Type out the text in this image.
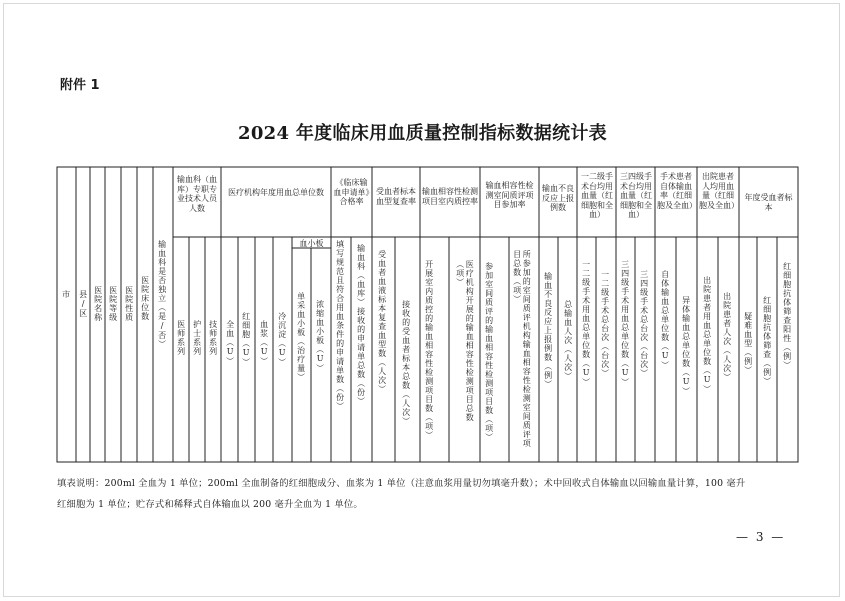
附件 1
2024 年度临床用血质量控制指标数据统计表
市 县/区 医院名称 医院等级 医院性质 医院床位数 输血科是否独立（是/否）
输血科（血库）专职专业技术人员人数
医疗机构年度用血总单位数
《临床输血申请单》合格率
受血者标本血型复查率
输血相容性检测项目室内质控率
输血相容性检测室间质评项目参加率
输血不良反应上报例数
一二级手术台均用血量（红细胞和全血）
三四级手术台均用血量（红细胞和全血）
手术患者自体输血率（红细胞及全血）
出院患者人均用血量（红细胞及全血）
年度受血者标本
血小板
医师系列 护士系列 技师系列 全血（U） 红细胞（U） 血浆（U） 冷沉淀（U） 单采血小板（治疗量） 浓缩血小板（U） 填写规范且符合用血条件的申请单数（份） 输血科（血库）接收的申请单总数（份） 受血者血液标本复查血型数（人次） 接收的受血者标本总数（人次） 开展室内质控的输血相容性检测项目数（项）	医疗机构开展的输血相容性检测项目总数（项）	参加室间质评的输血相容性检测项目数（项）	所参加的室间质评机构输血相容性检测室间质评项目总数（项）	输血不良反应上报例数（例） 总输血人次（人次） 一二级手术用血总单位数（U） 一二级手术总台次（台次） 三四级手术用血总单位数（U） 三四级手术总台次（台次） 自体输血总单位数（U） 异体输血总单位数（U） 出院患者用血总单位数（U） 出院患者人次（人次） 疑难血型（例） 红细胞抗体筛查（例） 红细胞抗体筛查阳性（例）
填表说明：200ml 全血为 1 单位；200ml 全血制备的红细胞成分、血浆为 1 单位（注意血浆用量切勿填毫升数）；术中回收式自体输血以回输血量计算，100 毫升
红细胞为 1 单位；贮存式和稀释式自体输血以 200 毫升全血为 1 单位。
— 3 —
